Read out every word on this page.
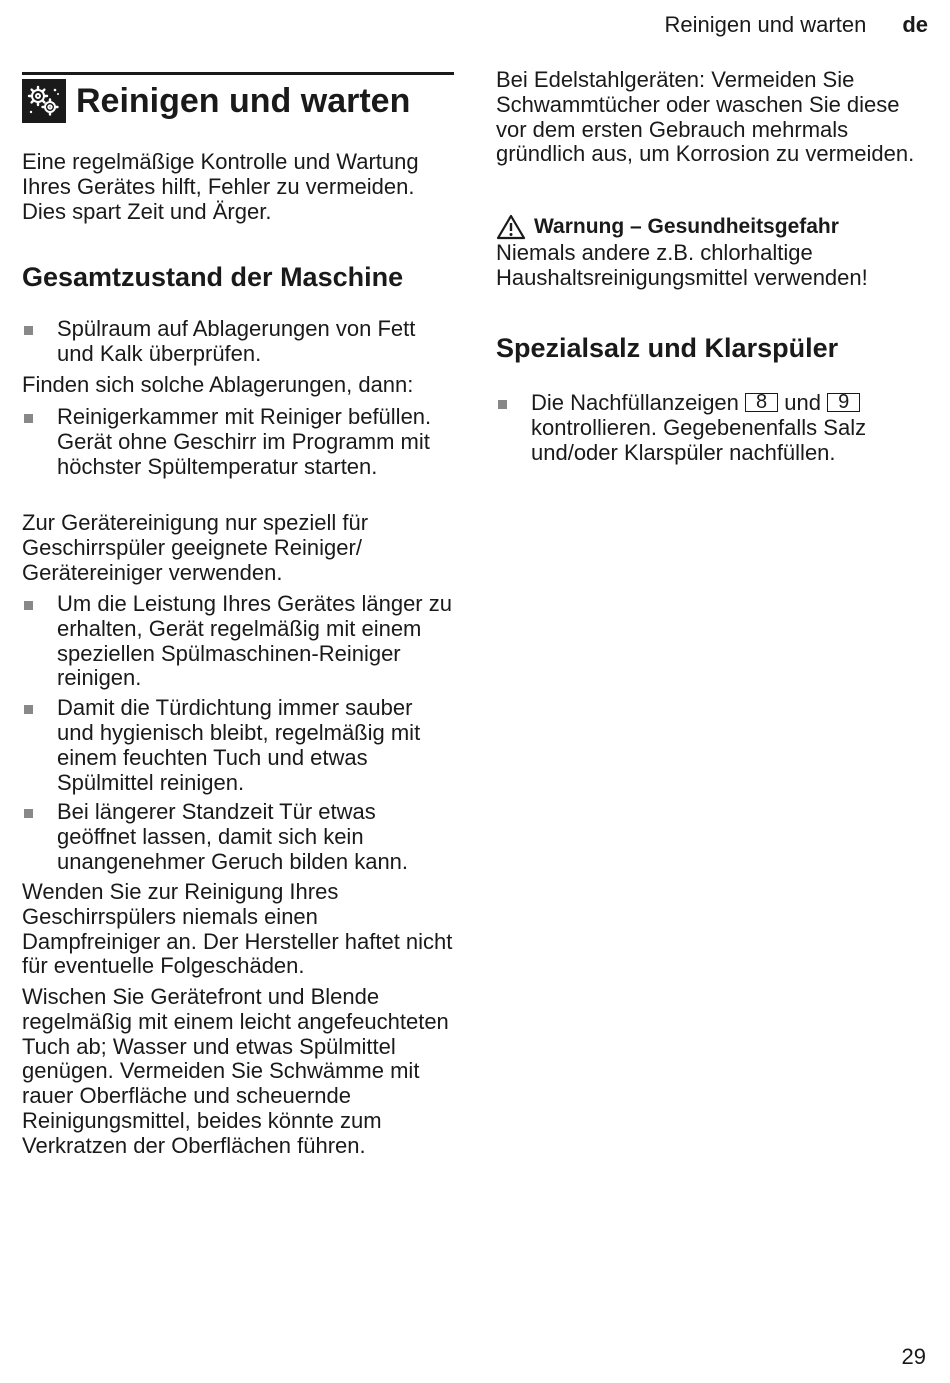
Reinigen und warten de
Reinigen und warten

Eine regelmäßige Kontrolle und Wartung Ihres Gerätes hilft, Fehler zu vermeiden. Dies spart Zeit und Ärger.

Gesamtzustand der Maschine
Spülraum auf Ablagerungen von Fett und Kalk überprüfen.

Finden sich solche Ablagerungen, dann:

Reinigerkammer mit Reiniger befüllen. Gerät ohne Geschirr im Programm mit höchster Spültemperatur starten.

Zur Gerätereinigung nur speziell für Geschirrspüler geeignete Reiniger/ Gerätereiniger verwenden.

Um die Leistung Ihres Gerätes länger zu erhalten, Gerät regelmäßig mit einem speziellen Spülmaschinen-Reiniger reinigen.
Damit die Türdichtung immer sauber und hygienisch bleibt, regelmäßig mit einem feuchten Tuch und etwas Spülmittel reinigen.
Bei längerer Standzeit Tür etwas geöffnet lassen, damit sich kein unangenehmer Geruch bilden kann.

Wenden Sie zur Reinigung Ihres Geschirrspülers niemals einen Dampfreiniger an. Der Hersteller haftet nicht für eventuelle Folgeschäden.

Wischen Sie Gerätefront und Blende regelmäßig mit einem leicht angefeuchteten Tuch ab; Wasser und etwas Spülmittel genügen. Vermeiden Sie Schwämme mit rauer Oberfläche und scheuernde Reinigungsmittel, beides könnte zum Verkratzen der Oberflächen führen.

Bei Edelstahlgeräten: Vermeiden Sie Schwammtücher oder waschen Sie diese vor dem ersten Gebrauch mehrmals gründlich aus, um Korrosion zu vermeiden.

Warnung – Gesundheitsgefahr

Niemals andere z.B. chlorhaltige Haushaltsreinigungsmittel verwenden!

Spezialsalz und Klarspüler
Die Nachfüllanzeigen 8 und 9 kontrollieren. Gegebenenfalls Salz und/oder Klarspüler nachfüllen.
29
